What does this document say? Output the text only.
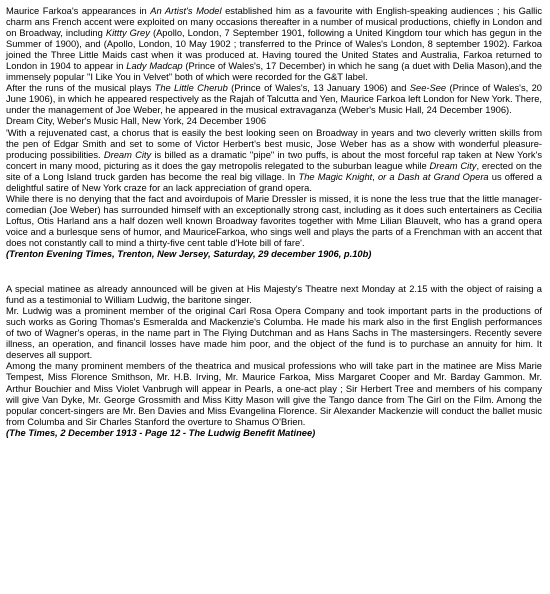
Maurice Farkoa's appearances in An Artist's Model established him as a favourite with English-speaking audiences ; his Gallic charm ans French accent were exploited on many occasions thereafter in a number of musical productions, chiefly in London and on Broadway, including Kittty Grey (Apollo, London, 7 September 1901, following a United Kingdom tour which has gegun in the Summer of 1900), and (Apollo, London, 10 May 1902 ; transferred to the Prince of Wales's London, 8 september 1902). Farkoa joined the Three Little Maids cast when it was produced at. Having toured the United States and Australia, Farkoa returned to London in 1904 to appear in Lady Madcap (Prince of Wales's, 17 December) in which he sang (a duet with Delia Mason),and the immensely popular "I Like You in Velvet" both of which were recorded for the G&T label.

After the runs of the musical plays The Little Cherub (Prince of Wales's, 13 January 1906) and See-See (Prince of Wales's, 20 June 1906), in which he appeared respectively as the Rajah of Talcutta and Yen, Maurice Farkoa left London for New York. There, under the management of Joe Weber, he appeared in the musical extravaganza (Weber's Music Hall, 24 December 1906).

Dream City, Weber's Music Hall, New York, 24 December 1906

'With a rejuvenated cast, a chorus that is easily the best looking seen on Broadway in years and two cleverly written skills from the pen of Edgar Smith and set to some of Victor Herbert's best music, Jose Weber has as a show with wonderful pleasure-producing possibilities. Dream City is billed as a dramatic "pipe" in two puffs, is about the most forceful rap taken at New York's concert in many mood, picturing as it does the gay metropolis relegated to the suburban league while Dream City, erected on the site of a Long Island truck garden has become the real big village. In The Magic Knight, or a Dash at Grand Opera us offered a delightful satire of New York craze for an lack appreciation of grand opera.

While there is no denying that the fact and avoirdupois of Marie Dressler is missed, it is none the less true that the little manager-comedian (Joe Weber) has surrounded himself with an exceptionally strong cast, including as it does such entertainers as Cecilia Loftus, Otis Harland ans a half dozen well known Broadway favorites together with Mme Lilian Blauvelt, who has a grand opera voice and a burlesque sens of humor, and MauriceFarkoa, who sings well and plays the parts of a Frenchman with an accent that does not constantly call to mind a thirty-five cent table d'Hote bill of fare'.

(Trenton Evening Times, Trenton, New Jersey, Saturday, 29 december 1906, p.10b)

A special matinee as already announced will be given at His Majesty's Theatre next Monday at 2.15 with the object of raising a fund as a testimonial to William Ludwig, the baritone singer.

Mr. Ludwig was a prominent member of the original Carl Rosa Opera Company and took important parts in the productions of such works as Goring Thomas's Esmeralda and Mackenzie's Columba. He made his mark also in the first English performances of two of Wagner's operas, in the name part in The Flying Dutchman and as Hans Sachs in The mastersingers. Recently severe illness, an operation, and financil losses have made him poor, and the object of the fund is to purchase an annuity for him. It deserves all support.

Among the many prominent members of the theatrica and musical professions who will take part in the matinee are Miss Marie Tempest, Miss Florence Smithson, Mr. H.B. Irving, Mr. Maurice Farkoa, Miss Margaret Cooper and Mr. Barday Gammon. Mr. Arthur Bouchier and Miss Violet Vanbrugh will appear in Pearls, a one-act play ; Sir Herbert Tree and members of his company will give Van Dyke, Mr. George Grossmith and Miss Kitty Mason will give the Tango dance from The Girl on the Film. Among the popular concert-singers are Mr. Ben Davies and Miss Evangelina Florence. Sir Alexander Mackenzie will conduct the ballet music from Columba and Sir Charles Stanford the overture to Shamus O'Brien.

(The Times, 2 December 1913 - Page 12 - The Ludwig Benefit Matinee)
